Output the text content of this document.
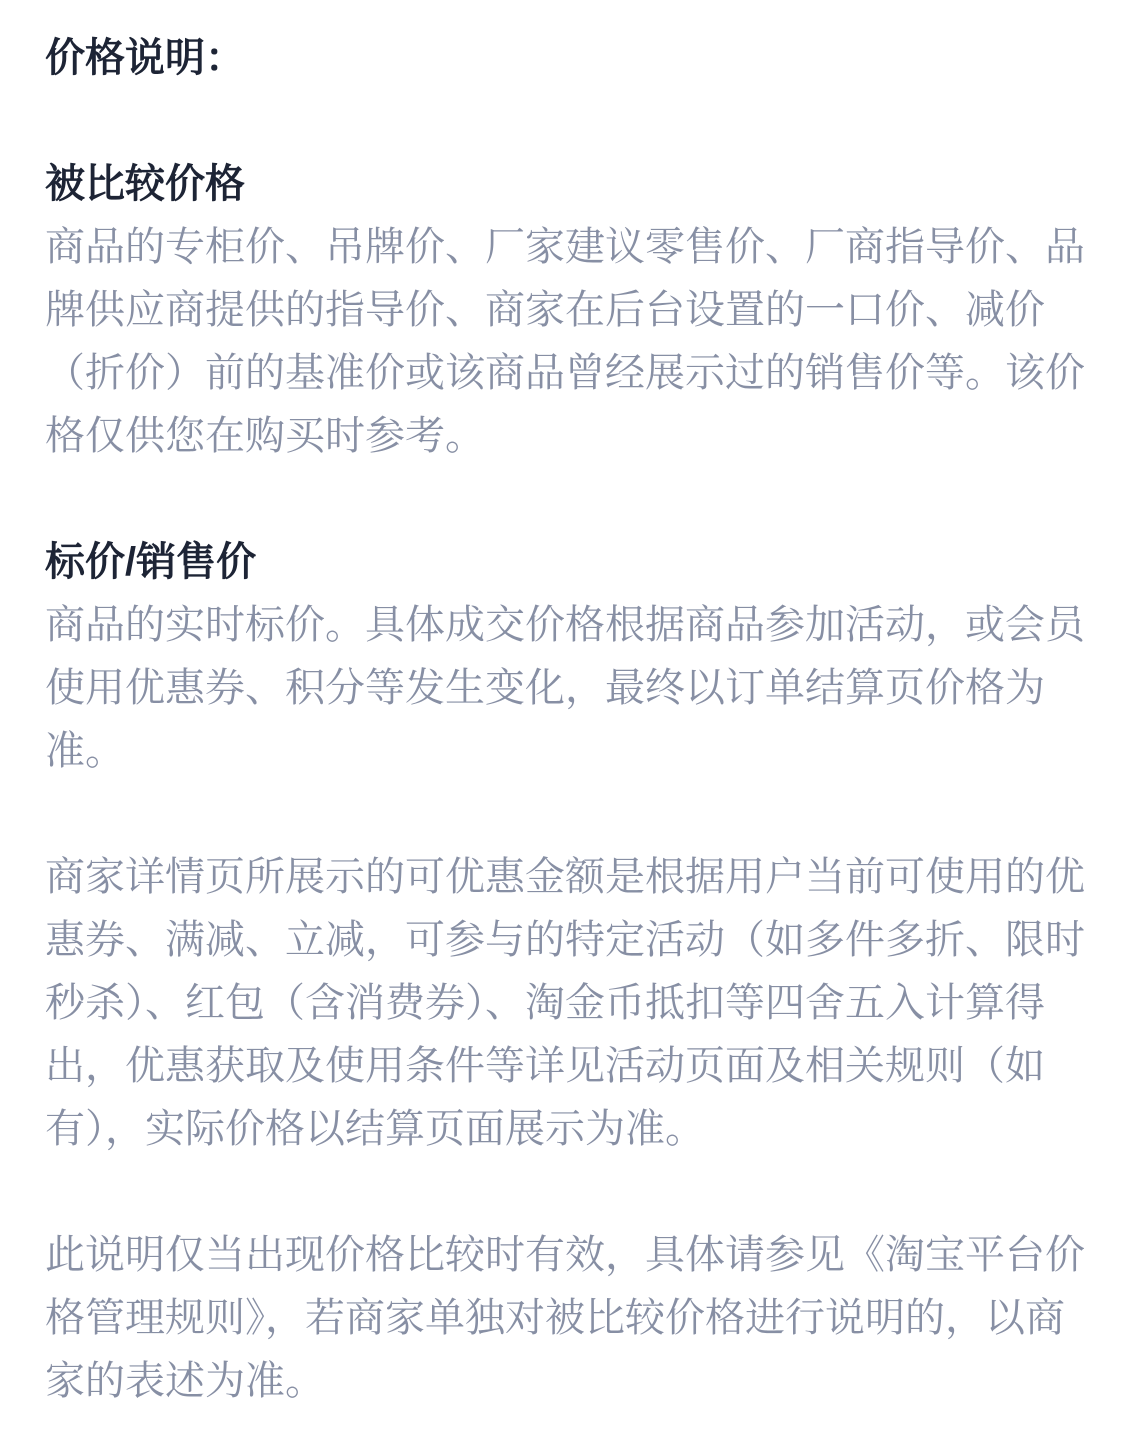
价格说明：
被比较价格

商品的专柜价、吊牌价、厂家建议零售价、厂商指导价、品牌供应商提供的指导价、商家在后台设置的一口价、减价（折价）前的基准价或该商品曾经展示过的销售价等。该价格仅供您在购买时参考。

标价/销售价

商品的实时标价。具体成交价格根据商品参加活动，或会员使用优惠券、积分等发生变化，最终以订单结算页价格为准。

商家详情页所展示的可优惠金额是根据用户当前可使用的优惠券、满减、立减，可参与的特定活动（如多件多折、限时秒杀）、红包（含消费券）、淘金币抵扣等四舍五入计算得出，优惠获取及使用条件等详见活动页面及相关规则（如有），实际价格以结算页面展示为准。

此说明仅当出现价格比较时有效，具体请参见《淘宝平台价格管理规则》，若商家单独对被比较价格进行说明的，以商家的表述为准。
